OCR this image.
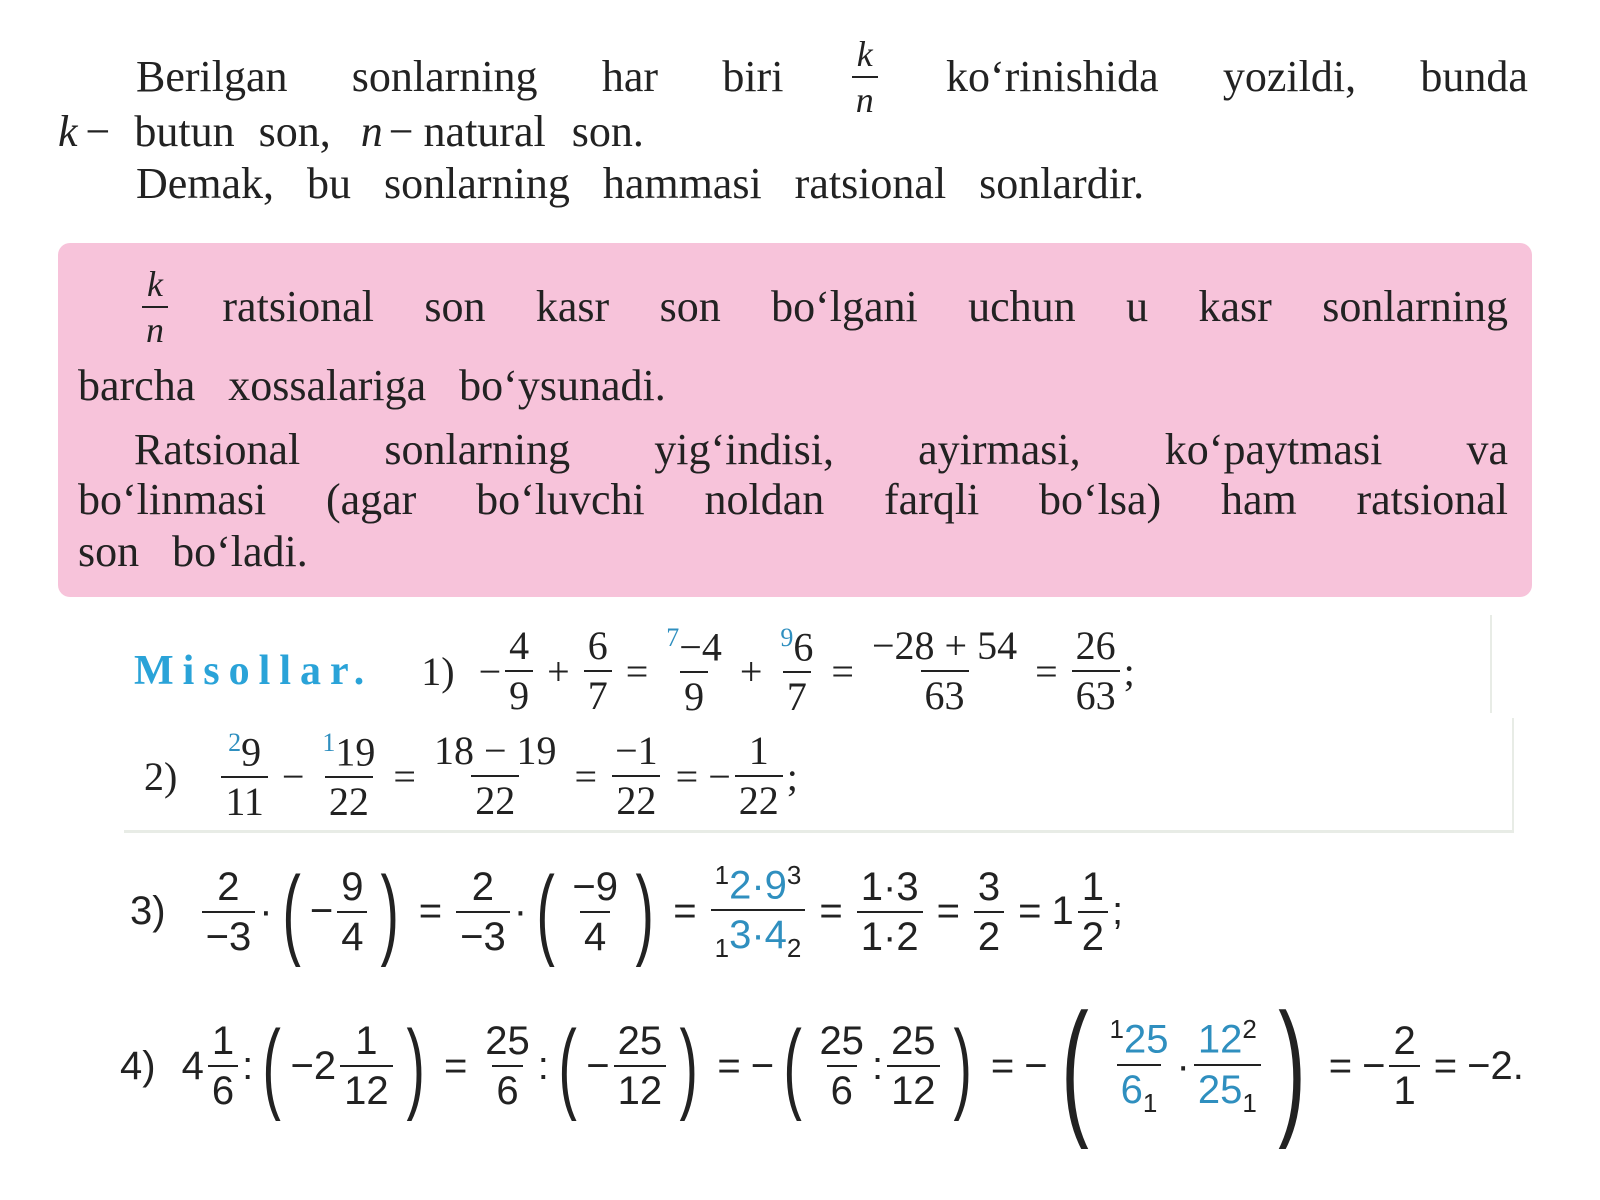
Berilgan sonlarning har biri $\frac{k}{n}$ ko‘rinishida yozildi, bunda
k − butun son, n − natural son.
Demak,   bu   sonlarning   hammasi   ratsional   sonlardir.
$\frac{k}{n}$ ratsional son kasr son bo‘lgani uchun u kasr sonlarning
barcha   xossalariga   bo‘ysunadi.
Ratsional sonlarning yig‘indisi, ayirmasi, ko‘paytmasi va
bo‘linmasi (agar bo‘luvchi noldan farqli bo‘lsa) ham ratsional
son   bo‘ladi.
Misollar. $1) - \frac{4}{9} + \frac{6}{7} = \frac{^7-4}{9} + \frac{^96}{7} = \frac{-28 + 54}{63} = \frac{26}{63}$ ;
$2) \frac{^29}{11} - \frac{^119}{22} = \frac{18 - 19}{22} = \frac{-1}{22}$ = − $\frac{1}{22}$ ;
$3) \frac{2}{-3}$ · ( − $\frac{9}{4}$ ) = $\frac{2}{-3}$ · ( $\frac{-9}{4}$ ) = $\frac{^12\cdot 9^3}{_13\cdot 4_2} = \frac{1\cdot 3}{1\cdot 2} = \frac{3}{2} = 1 \frac{1}{2}$ ;
4) $4 \frac{1}{6}$ : ( $-2 \frac{1}{12}$ ) = $\frac{25}{6}$ : ( − $\frac{25}{12}$ ) = − ( $\frac{25}{6}$ : $\frac{25}{12}$ ) = − ( $\frac{^125}{6_1} \cdot \frac{12^2}{25_1}$ ) = − $\frac{2}{1} = -2$.
